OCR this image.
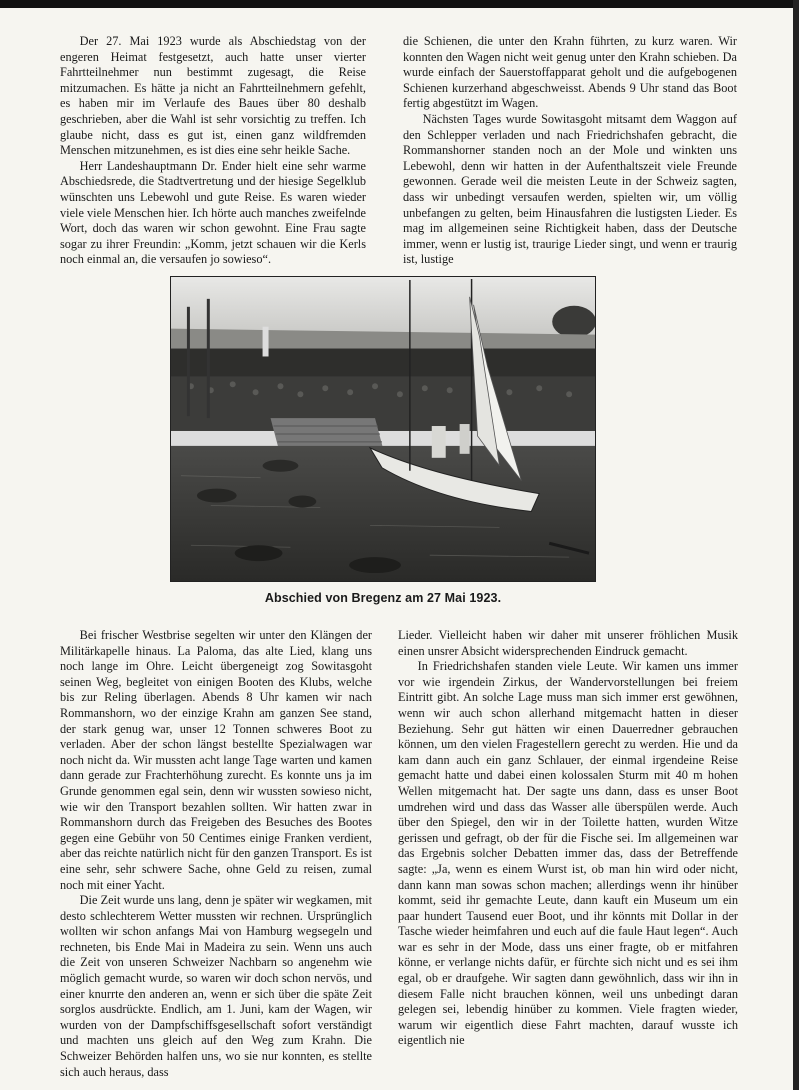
Der 27. Mai 1923 wurde als Abschiedstag von der engeren Heimat festgesetzt, auch hatte unser vierter Fahrtteilnehmer nun bestimmt zugesagt, die Reise mitzumachen. Es hätte ja nicht an Fahrtteilnehmern gefehlt, es haben mir im Verlaufe des Baues über 80 deshalb geschrieben, aber die Wahl ist sehr vorsichtig zu treffen. Ich glaube nicht, dass es gut ist, einen ganz wildfremden Menschen mitzunehmen, es ist dies eine sehr heikle Sache.

Herr Landeshauptmann Dr. Ender hielt eine sehr warme Abschiedsrede, die Stadtvertretung und der hiesige Segelklub wünschten uns Lebewohl und gute Reise. Es waren wieder viele viele Menschen hier. Ich hörte auch manches zweifelnde Wort, doch das waren wir schon gewohnt. Eine Frau sagte sogar zu ihrer Freundin: „Komm, jetzt schauen wir die Kerls noch einmal an, die versaufen jo sowieso“.

die Schienen, die unter den Krahn führten, zu kurz waren. Wir konnten den Wagen nicht weit genug unter den Krahn schieben. Da wurde einfach der Sauerstoffapparat geholt und die aufgebogenen Schienen kurzerhand abgeschweisst. Abends 9 Uhr stand das Boot fertig abgestützt im Wagen.

Nächsten Tages wurde Sowitasgoht mitsamt dem Waggon auf den Schlepper verladen und nach Friedrichshafen gebracht, die Rommanshorner standen noch an der Mole und winkten uns Lebewohl, denn wir hatten in der Aufenthaltszeit viele Freunde gewonnen. Gerade weil die meisten Leute in der Schweiz sagten, dass wir unbedingt versaufen werden, spielten wir, um völlig unbefangen zu gelten, beim Hinausfahren die lustigsten Lieder. Es mag im allgemeinen seine Richtigkeit haben, dass der Deutsche immer, wenn er lustig ist, traurige Lieder singt, und wenn er traurig ist, lustige

Abschied von Bregenz am 27 Mai 1923.

Bei frischer Westbrise segelten wir unter den Klängen der Militärkapelle hinaus. La Paloma, das alte Lied, klang uns noch lange im Ohre. Leicht übergeneigt zog Sowitasgoht seinen Weg, begleitet von einigen Booten des Klubs, welche bis zur Reling überlagen. Abends 8 Uhr kamen wir nach Rommanshorn, wo der einzige Krahn am ganzen See stand, der stark genug war, unser 12 Tonnen schweres Boot zu verladen. Aber der schon längst bestellte Spezialwagen war noch nicht da. Wir mussten acht lange Tage warten und kamen dann gerade zur Frachterhöhung zurecht. Es konnte uns ja im Grunde genommen egal sein, denn wir wussten sowieso nicht, wie wir den Transport bezahlen sollten. Wir hatten zwar in Rommanshorn durch das Freigeben des Besuches des Bootes gegen eine Gebühr von 50 Centimes einige Franken verdient, aber das reichte natürlich nicht für den ganzen Transport. Es ist eine sehr, sehr schwere Sache, ohne Geld zu reisen, zumal noch mit einer Yacht.

Die Zeit wurde uns lang, denn je später wir wegkamen, mit desto schlechterem Wetter mussten wir rechnen. Ursprünglich wollten wir schon anfangs Mai von Hamburg wegsegeln und rechneten, bis Ende Mai in Madeira zu sein. Wenn uns auch die Zeit von unseren Schweizer Nachbarn so angenehm wie möglich gemacht wurde, so waren wir doch schon nervös, und einer knurrte den anderen an, wenn er sich über die späte Zeit sorglos ausdrückte. Endlich, am 1. Juni, kam der Wagen, wir wurden von der Dampfschiffsgesellschaft sofort verständigt und machten uns gleich auf den Weg zum Krahn. Die Schweizer Behörden halfen uns, wo sie nur konnten, es stellte sich auch heraus, dass

Lieder. Vielleicht haben wir daher mit unserer fröhlichen Musik einen unsrer Absicht widersprechenden Eindruck gemacht.

In Friedrichshafen standen viele Leute. Wir kamen uns immer vor wie irgendein Zirkus, der Wandervorstellungen bei freiem Eintritt gibt. An solche Lage muss man sich immer erst gewöhnen, wenn wir auch schon allerhand mitgemacht hatten in dieser Beziehung. Sehr gut hätten wir einen Dauerredner gebrauchen können, um den vielen Fragestellern gerecht zu werden. Hie und da kam dann auch ein ganz Schlauer, der einmal irgendeine Reise gemacht hatte und dabei einen kolossalen Sturm mit 40 m hohen Wellen mitgemacht hat. Der sagte uns dann, dass es unser Boot umdrehen wird und dass das Wasser alle überspülen werde. Auch über den Spiegel, den wir in der Toilette hatten, wurden Witze gerissen und gefragt, ob der für die Fische sei. Im allgemeinen war das Ergebnis solcher Debatten immer das, dass der Betreffende sagte: „Ja, wenn es einem Wurst ist, ob man hin wird oder nicht, dann kann man sowas schon machen; allerdings wenn ihr hinüber kommt, seid ihr gemachte Leute, dann kauft ein Museum um ein paar hundert Tausend euer Boot, und ihr könnts mit Dollar in der Tasche wieder heimfahren und euch auf die faule Haut legen“. Auch war es sehr in der Mode, dass uns einer fragte, ob er mitfahren könne, er verlange nichts dafür, er fürchte sich nicht und es sei ihm egal, ob er draufgehe. Wir sagten dann gewöhnlich, dass wir ihn in diesem Falle nicht brauchen können, weil uns unbedingt daran gelegen sei, lebendig hinüber zu kommen. Viele fragten wieder, warum wir eigentlich diese Fahrt machten, darauf wusste ich eigentlich nie
